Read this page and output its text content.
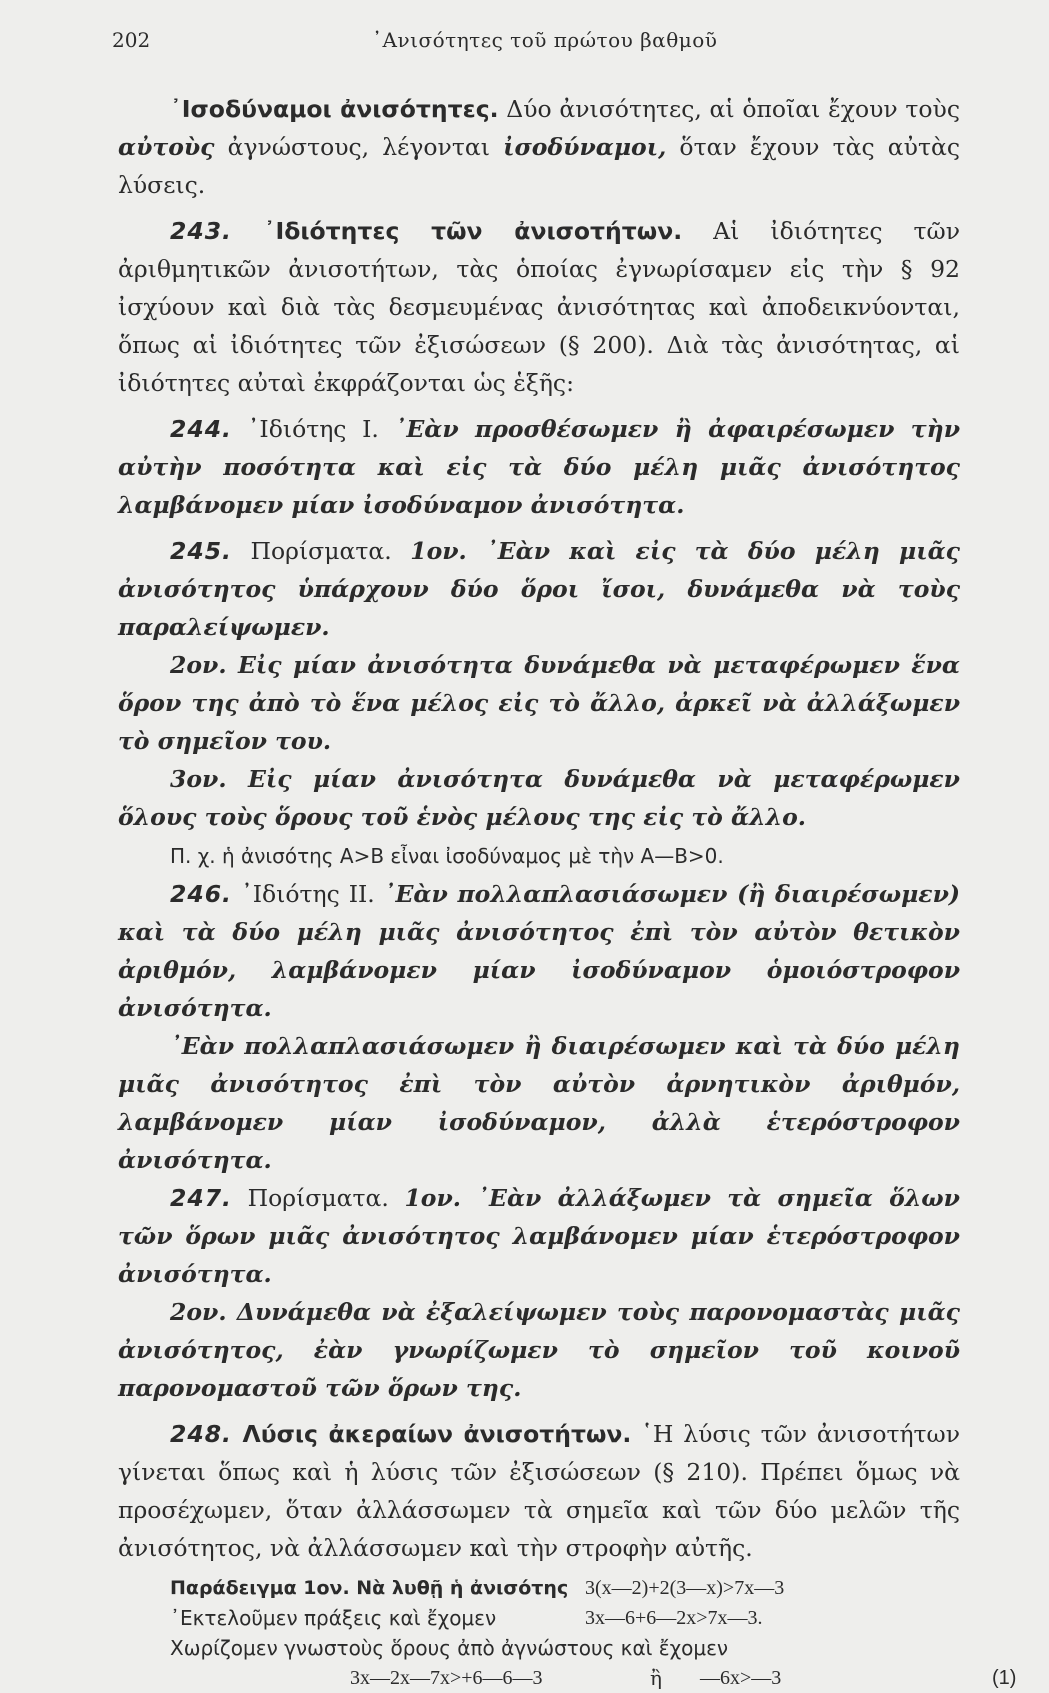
202	᾿Ανισότητες τοῦ πρώτου βαθμοῦ

᾿Ισοδύναμοι ἀνισότητες. Δύο ἀνισότητες, αἱ ὁποῖαι ἔχουν τοὺς αὐτοὺς ἀγνώστους, λέγονται ἰσοδύναμοι, ὅταν ἔχουν τὰς αὐτὰς λύσεις.

243. ᾿Ιδιότητες τῶν ἀνισοτήτων. Αἱ ἰδιότητες τῶν ἀριθμητικῶν ἀνισοτήτων, τὰς ὁποίας ἐγνωρίσαμεν εἰς τὴν § 92 ἰσχύουν καὶ διὰ τὰς δεσμευμένας ἀνισότητας καὶ ἀποδεικνύονται, ὅπως αἱ ἰδιότητες τῶν ἐξισώσεων (§ 200). Διὰ τὰς ἀνισότητας, αἱ ἰδιότητες αὐταὶ ἐκφράζονται ὡς ἑξῆς:

244. ᾿Ιδιότης I. ᾿Εὰν προσθέσωμεν ἢ ἀφαιρέσωμεν τὴν αὐτὴν ποσότητα καὶ εἰς τὰ δύο μέλη μιᾶς ἀνισότητος λαμβάνομεν μίαν ἰσοδύναμον ἀνισότητα.

245. Πορίσματα. 1ον. ᾿Εὰν καὶ εἰς τὰ δύο μέλη μιᾶς ἀνισότητος ὑπάρχουν δύο ὅροι ἴσοι, δυνάμεθα νὰ τοὺς παραλείψωμεν.

2ον. Εἰς μίαν ἀνισότητα δυνάμεθα νὰ μεταφέρωμεν ἕνα ὅρον της ἀπὸ τὸ ἕνα μέλος εἰς τὸ ἄλλο, ἀρκεῖ νὰ ἀλλάξωμεν τὸ σημεῖον του.

3ον. Εἰς μίαν ἀνισότητα δυνάμεθα νὰ μεταφέρωμεν ὅλους τοὺς ὅρους τοῦ ἑνὸς μέλους της εἰς τὸ ἄλλο.

Π. χ. ἡ ἀνισότης A>B εἶναι ἰσοδύναμος μὲ τὴν A—B>0.

246. ᾿Ιδιότης II. ᾿Εὰν πολλαπλασιάσωμεν (ἢ διαιρέσωμεν) καὶ τὰ δύο μέλη μιᾶς ἀνισότητος ἐπὶ τὸν αὐτὸν θετικὸν ἀριθμόν, λαμβάνομεν μίαν ἰσοδύναμον ὁμοιόστροφον ἀνισότητα.

᾿Εὰν πολλαπλασιάσωμεν ἢ διαιρέσωμεν καὶ τὰ δύο μέλη μιᾶς ἀνισότητος ἐπὶ τὸν αὐτὸν ἀρνητικὸν ἀριθμόν, λαμβάνομεν μίαν ἰσοδύναμον, ἀλλὰ ἑτερόστροφον ἀνισότητα.

247. Πορίσματα. 1ον. ᾿Εὰν ἀλλάξωμεν τὰ σημεῖα ὅλων τῶν ὅρων μιᾶς ἀνισότητος λαμβάνομεν μίαν ἑτερόστροφον ἀνισότητα.

2ον. Δυνάμεθα νὰ ἐξαλείψωμεν τοὺς παρονομαστὰς μιᾶς ἀνισότητος, ἐὰν γνωρίζωμεν τὸ σημεῖον τοῦ κοινοῦ παρονομαστοῦ τῶν ὅρων της.

248. Λύσις ἀκεραίων ἀνισοτήτων. ῾Η λύσις τῶν ἀνισοτήτων γίνεται ὅπως καὶ ἡ λύσις τῶν ἐξισώσεων (§ 210). Πρέπει ὅμως νὰ προσέχωμεν, ὅταν ἀλλάσσωμεν τὰ σημεῖα καὶ τῶν δύο μελῶν τῆς ἀνισότητος, νὰ ἀλλάσσωμεν καὶ τὴν στροφὴν αὐτῆς.

Παράδειγμα 1ον. Νὰ λυθῇ ἡ ἀνισότης 3(x—2)+2(3—x)>7x—3
᾿Εκτελοῦμεν πράξεις καὶ ἔχομεν	3x—6+6—2x>7x—3.
Χωρίζομεν γνωστοὺς ὅρους ἀπὸ ἀγνώστους καὶ ἔχομεν
3x—2x—7x>+6—6—3	ἢ —6x>—3	(1)
